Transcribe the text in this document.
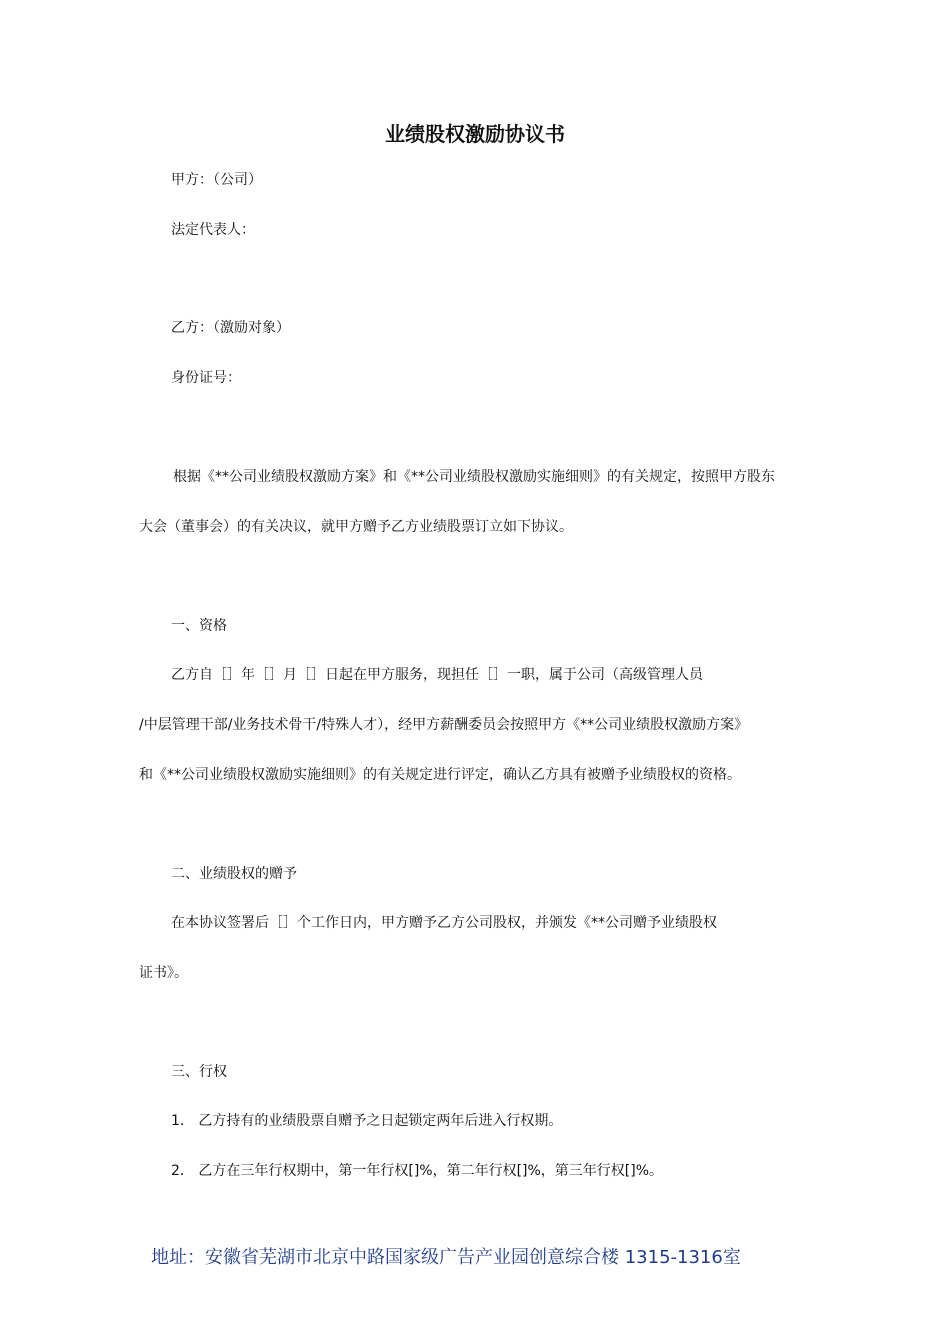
业绩股权激励协议书

甲方：（公司）

法定代表人：

乙方：（激励对象）

身份证号：

根据《**公司业绩股权激励方案》和《**公司业绩股权激励实施细则》的有关规定，按照甲方股东

大会（董事会）的有关决议，就甲方赠予乙方业绩股票订立如下协议。

一、资格

乙方自［］年［］月［］日起在甲方服务，现担任［］一职，属于公司（高级管理人员

/中层管理干部/业务技术骨干/特殊人才），经甲方薪酬委员会按照甲方《**公司业绩股权激励方案》

和《**公司业绩股权激励实施细则》的有关规定进行评定，确认乙方具有被赠予业绩股权的资格。

二、业绩股权的赠予

在本协议签署后［］个工作日内，甲方赠予乙方公司股权，并颁发《**公司赠予业绩股权

证书》。

三、行权

1． 乙方持有的业绩股票自赠予之日起锁定两年后进入行权期。

2． 乙方在三年行权期中，第一年行权[]%，第二年行权[]%，第三年行权[]%。

地址：安徽省芜湖市北京中路国家级广告产业园创意综合楼 1315-1316室
